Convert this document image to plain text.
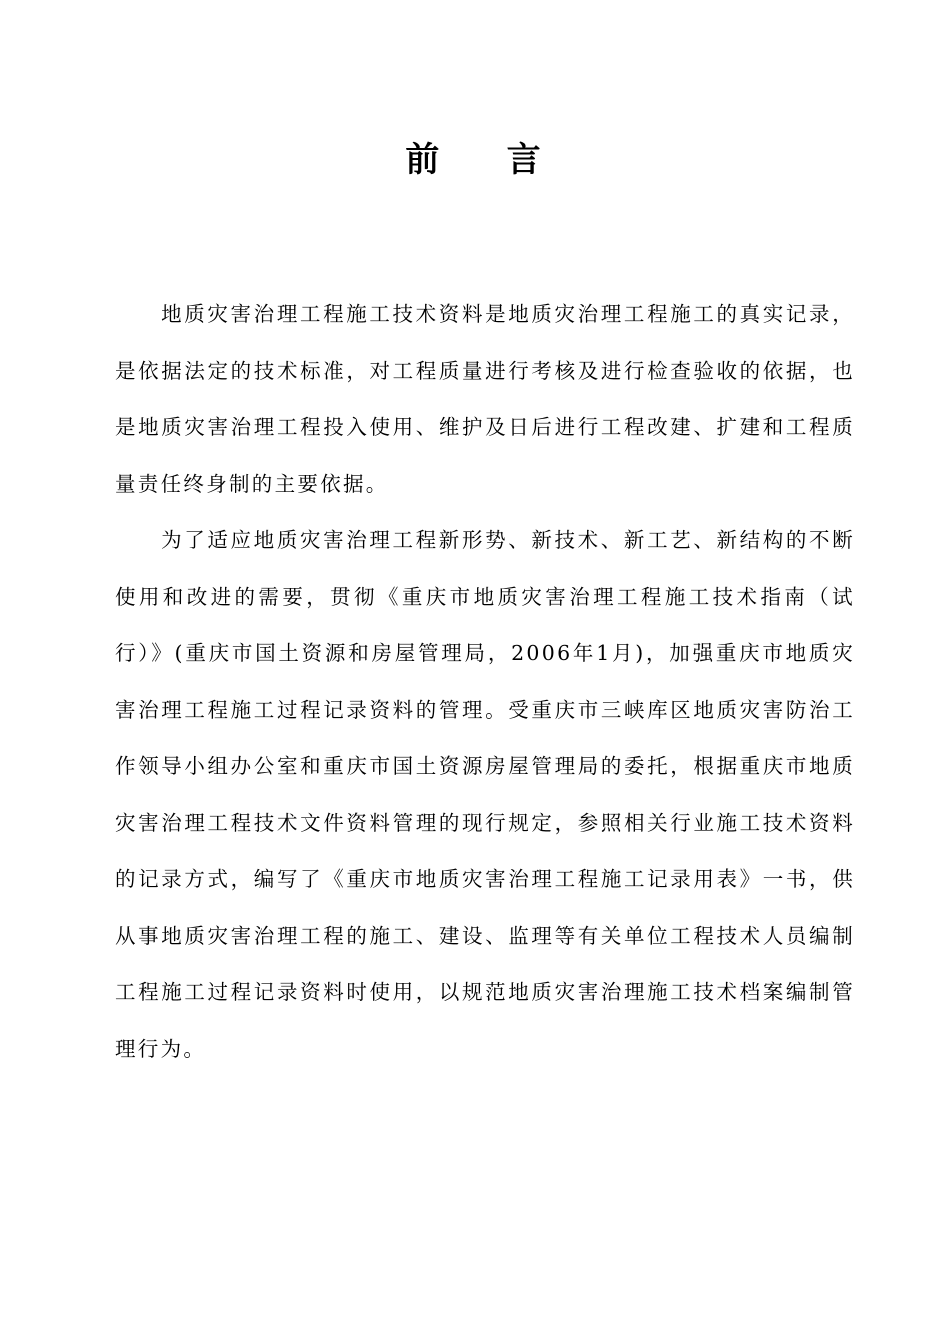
前    言

地质灾害治理工程施工技术资料是地质灾治理工程施工的真实记录，是依据法定的技术标准，对工程质量进行考核及进行检查验收的依据，也是地质灾害治理工程投入使用、维护及日后进行工程改建、扩建和工程质量责任终身制的主要依据。

为了适应地质灾害治理工程新形势、新技术、新工艺、新结构的不断使用和改进的需要，贯彻《重庆市地质灾害治理工程施工技术指南（试行）》(重庆市国土资源和房屋管理局，2006年1月)，加强重庆市地质灾害治理工程施工过程记录资料的管理。受重庆市三峡库区地质灾害防治工作领导小组办公室和重庆市国土资源房屋管理局的委托，根据重庆市地质灾害治理工程技术文件资料管理的现行规定，参照相关行业施工技术资料的记录方式，编写了《重庆市地质灾害治理工程施工记录用表》一书，供从事地质灾害治理工程的施工、建设、监理等有关单位工程技术人员编制工程施工过程记录资料时使用，以规范地质灾害治理施工技术档案编制管理行为。
